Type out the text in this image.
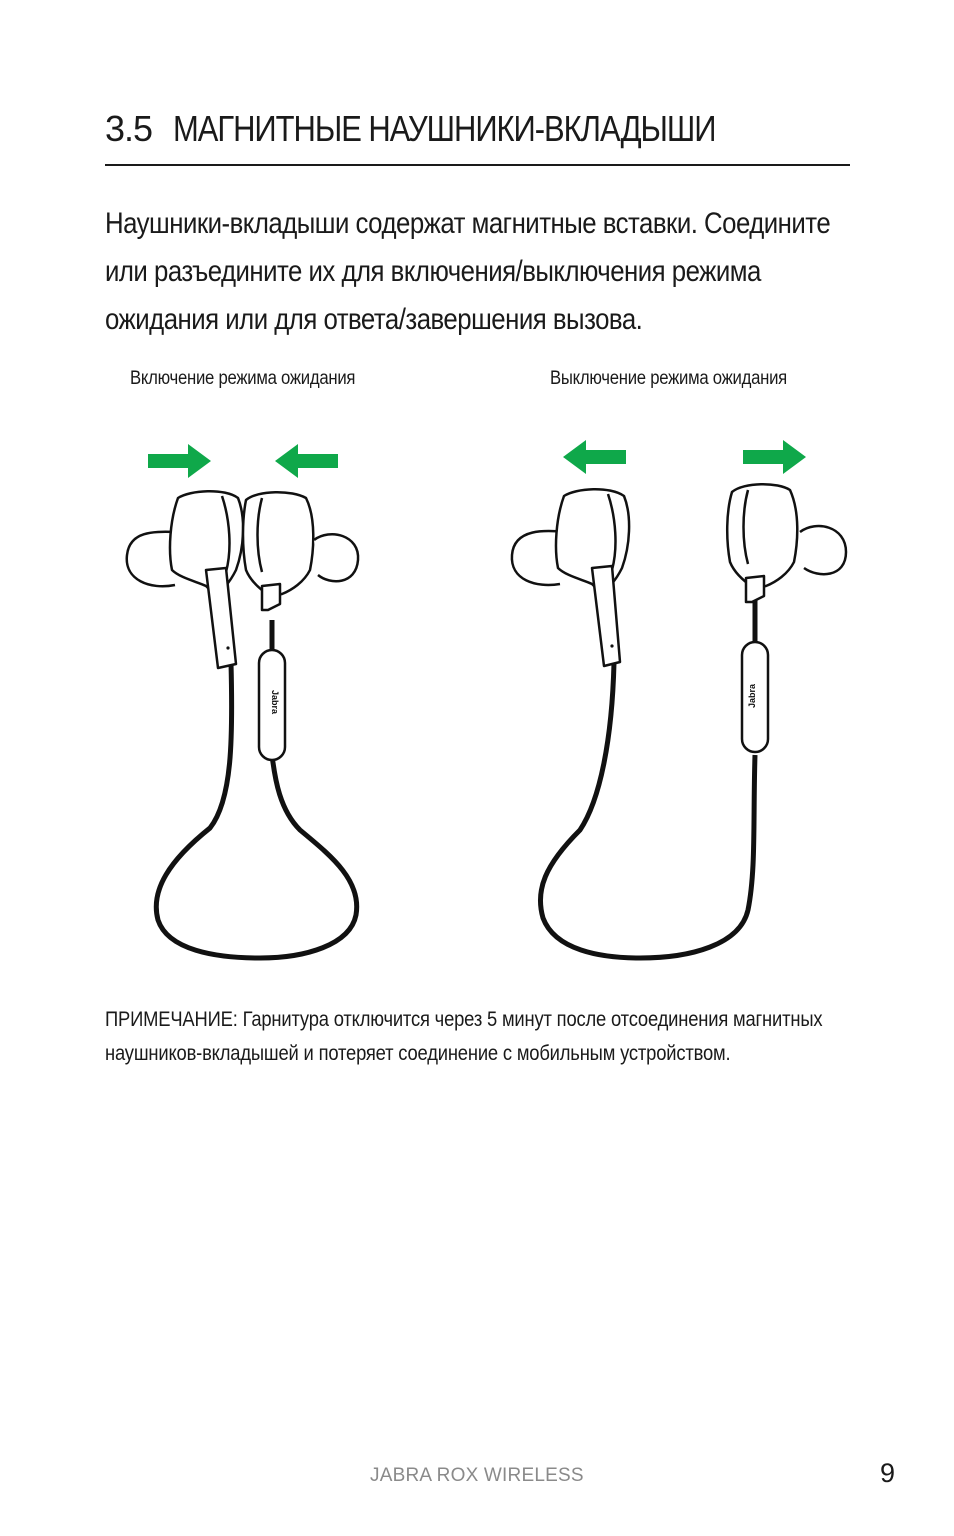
3.5 МАГНИТНЫЕ НАУШНИКИ-ВКЛАДЫШИ

Наушники-вкладыши содержат магнитные вставки. Соедините

или разъедините их для включения/выключения режима

ожидания или для ответа/завершения вызова.

Включение режима ожидания	Выключение режима ожидания
Jabra	Jabra

ПРИМЕЧАНИЕ: Гарнитура отключится через 5 минут после отсоединения магнитных

наушников-вкладышей и потеряет соединение с мобильным устройством.

JABRA ROX WIRELESS	9
